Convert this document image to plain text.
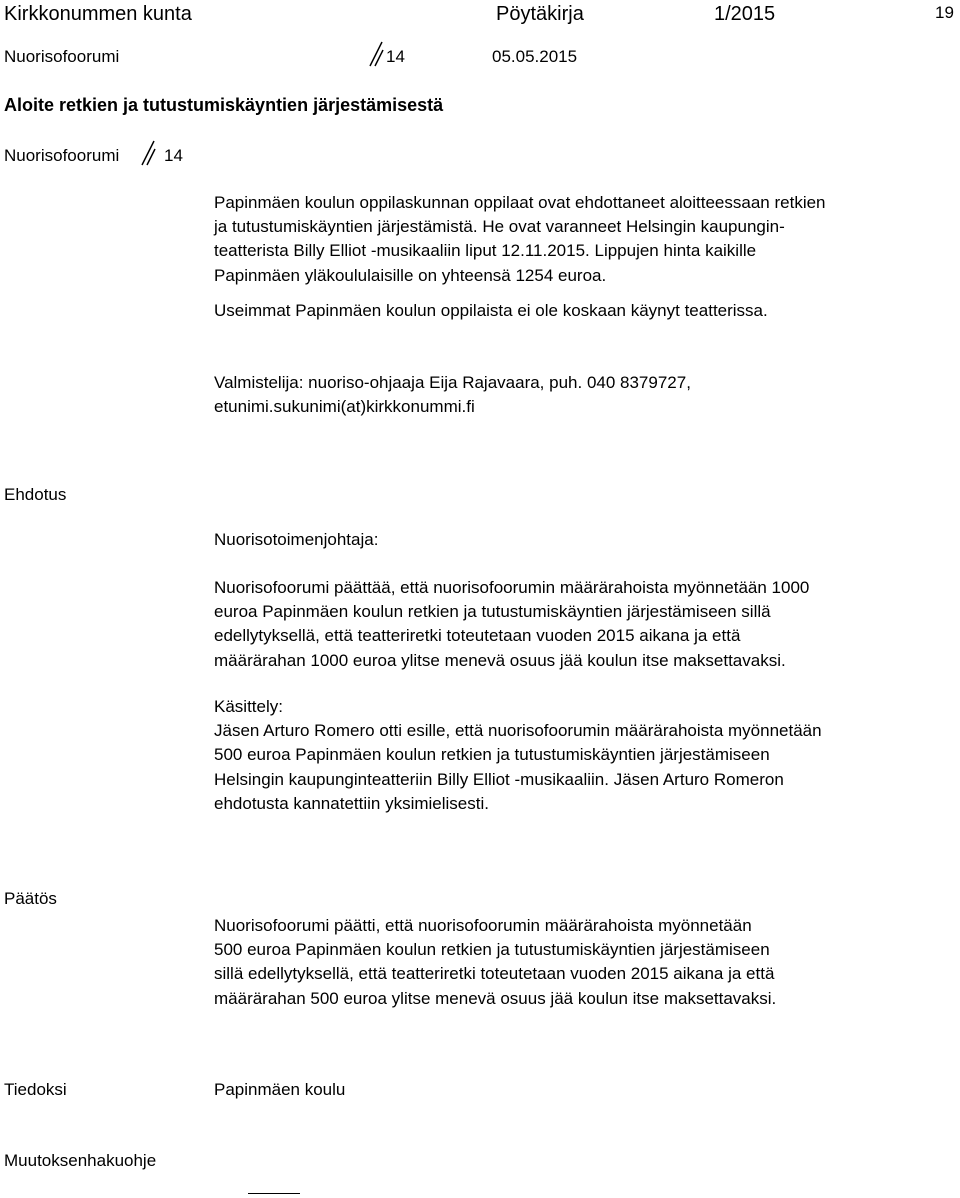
Kirkkonummen kunta	Pöytäkirja	1/2015	19
Nuorisofoorumi	14	05.05.2015
Aloite retkien ja tutustumiskäyntien järjestämisestä
Nuorisofoorumi	14

Papinmäen koulun oppilaskunnan oppilaat ovat ehdottaneet aloitteessaan retkien

ja tutustumiskäyntien järjestämistä. He ovat varanneet Helsingin kaupungin-

teatterista Billy Elliot -musikaaliin liput 12.11.2015. Lippujen hinta kaikille

Papinmäen yläkoululaisille on yhteensä 1254 euroa.

Useimmat Papinmäen koulun oppilaista ei ole koskaan käynyt teatterissa.

Valmistelija: nuoriso-ohjaaja Eija Rajavaara, puh. 040 8379727,

etunimi.sukunimi(at)kirkkonummi.fi

Ehdotus

Nuorisotoimenjohtaja:

Nuorisofoorumi päättää, että nuorisofoorumin määrärahoista myönnetään 1000

euroa Papinmäen koulun retkien ja tutustumiskäyntien järjestämiseen sillä

edellytyksellä, että teatteriretki toteutetaan vuoden 2015 aikana ja että

määrärahan 1000 euroa ylitse menevä osuus jää koulun itse maksettavaksi.

Käsittely:

Jäsen Arturo Romero otti esille, että nuorisofoorumin määrärahoista myönnetään

500 euroa Papinmäen koulun retkien ja tutustumiskäyntien järjestämiseen

Helsingin kaupunginteatteriin Billy Elliot -musikaaliin. Jäsen Arturo Romeron

ehdotusta kannatettiin yksimielisesti.

Päätös

Nuorisofoorumi päätti, että nuorisofoorumin määrärahoista myönnetään

500 euroa Papinmäen koulun retkien ja tutustumiskäyntien järjestämiseen

sillä edellytyksellä, että teatteriretki toteutetaan vuoden 2015 aikana ja että

määrärahan 500 euroa ylitse menevä osuus jää koulun itse maksettavaksi.

Tiedoksi	Papinmäen koulu
Muutoksenhakuohje
